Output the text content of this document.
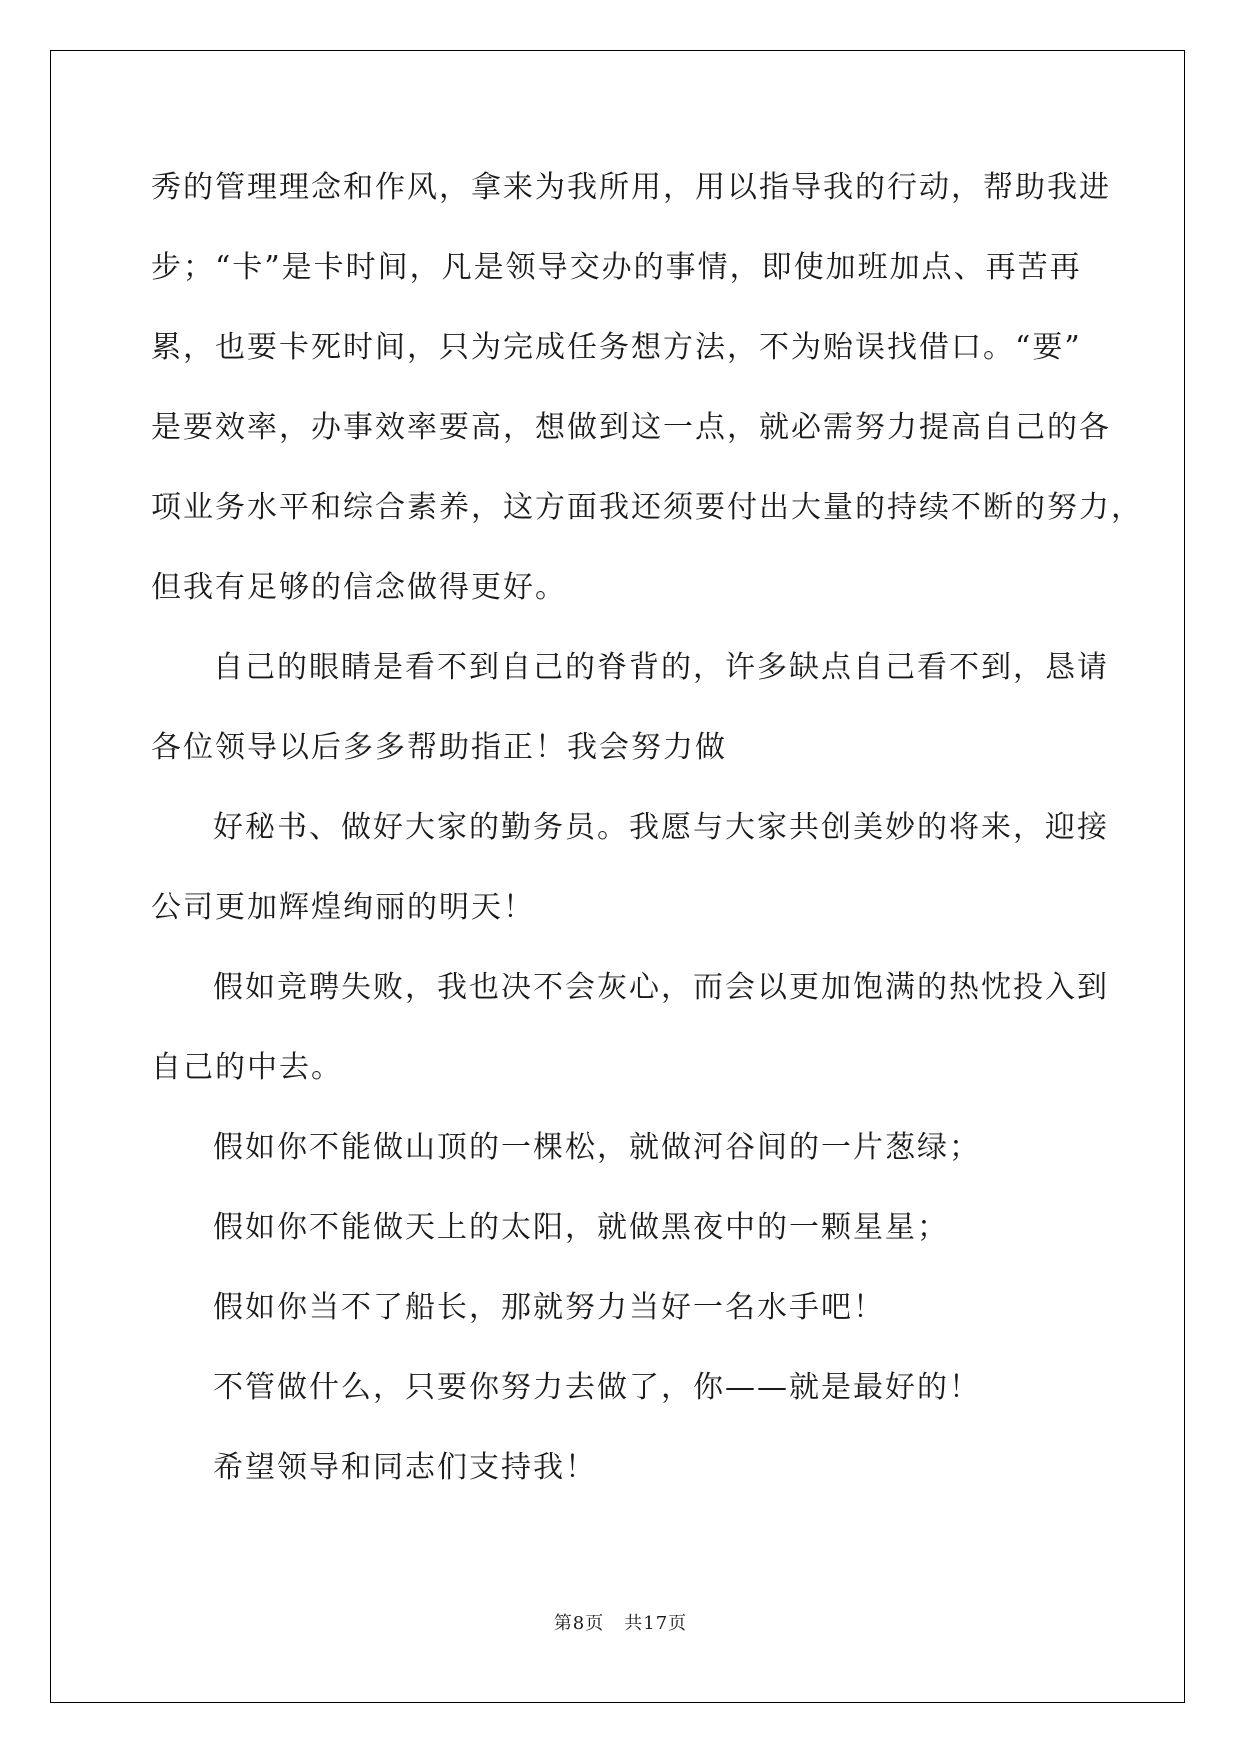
秀的管理理念和作风，拿来为我所用，用以指导我的行动，帮助我进
步；“卡”是卡时间，凡是领导交办的事情，即使加班加点、再苦再
累，也要卡死时间，只为完成任务想方法，不为贻误找借口。“要”
是要效率，办事效率要高，想做到这一点，就必需努力提高自己的各
项业务水平和综合素养，这方面我还须要付出大量的持续不断的努力，
但我有足够的信念做得更好。
自己的眼睛是看不到自己的脊背的，许多缺点自己看不到，恳请
各位领导以后多多帮助指正！我会努力做
好秘书、做好大家的勤务员。我愿与大家共创美妙的将来，迎接
公司更加辉煌绚丽的明天！
假如竞聘失败，我也决不会灰心，而会以更加饱满的热忱投入到
自己的中去。
假如你不能做山顶的一棵松，就做河谷间的一片葱绿；
假如你不能做天上的太阳，就做黑夜中的一颗星星；
假如你当不了船长，那就努力当好一名水手吧！
不管做什么，只要你努力去做了，你——就是最好的！
希望领导和同志们支持我！
第8页 共17页
